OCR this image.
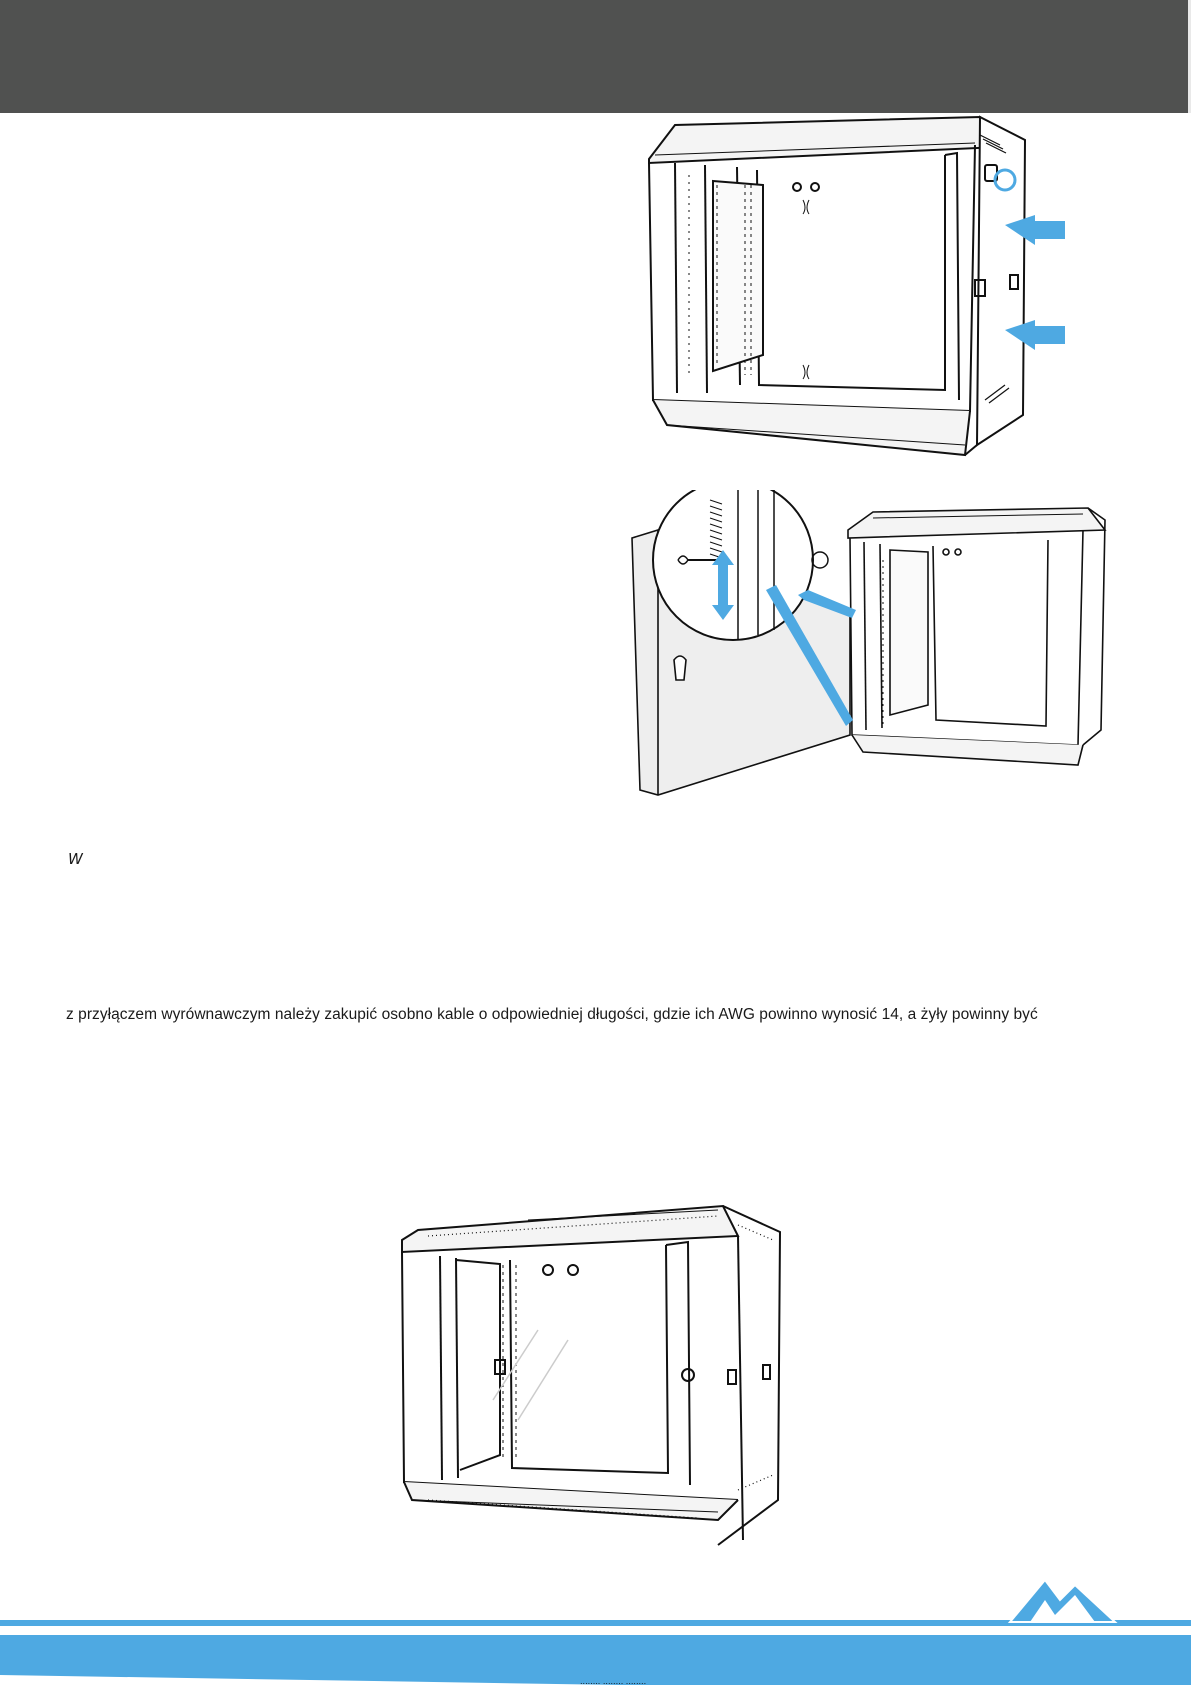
W
z przyłączem wyrównawczym należy zakupić osobno kable o odpowiedniej długości, gdzie ich AWG powinno wynosić 14, a żyły powinny być
........ ........ ........
